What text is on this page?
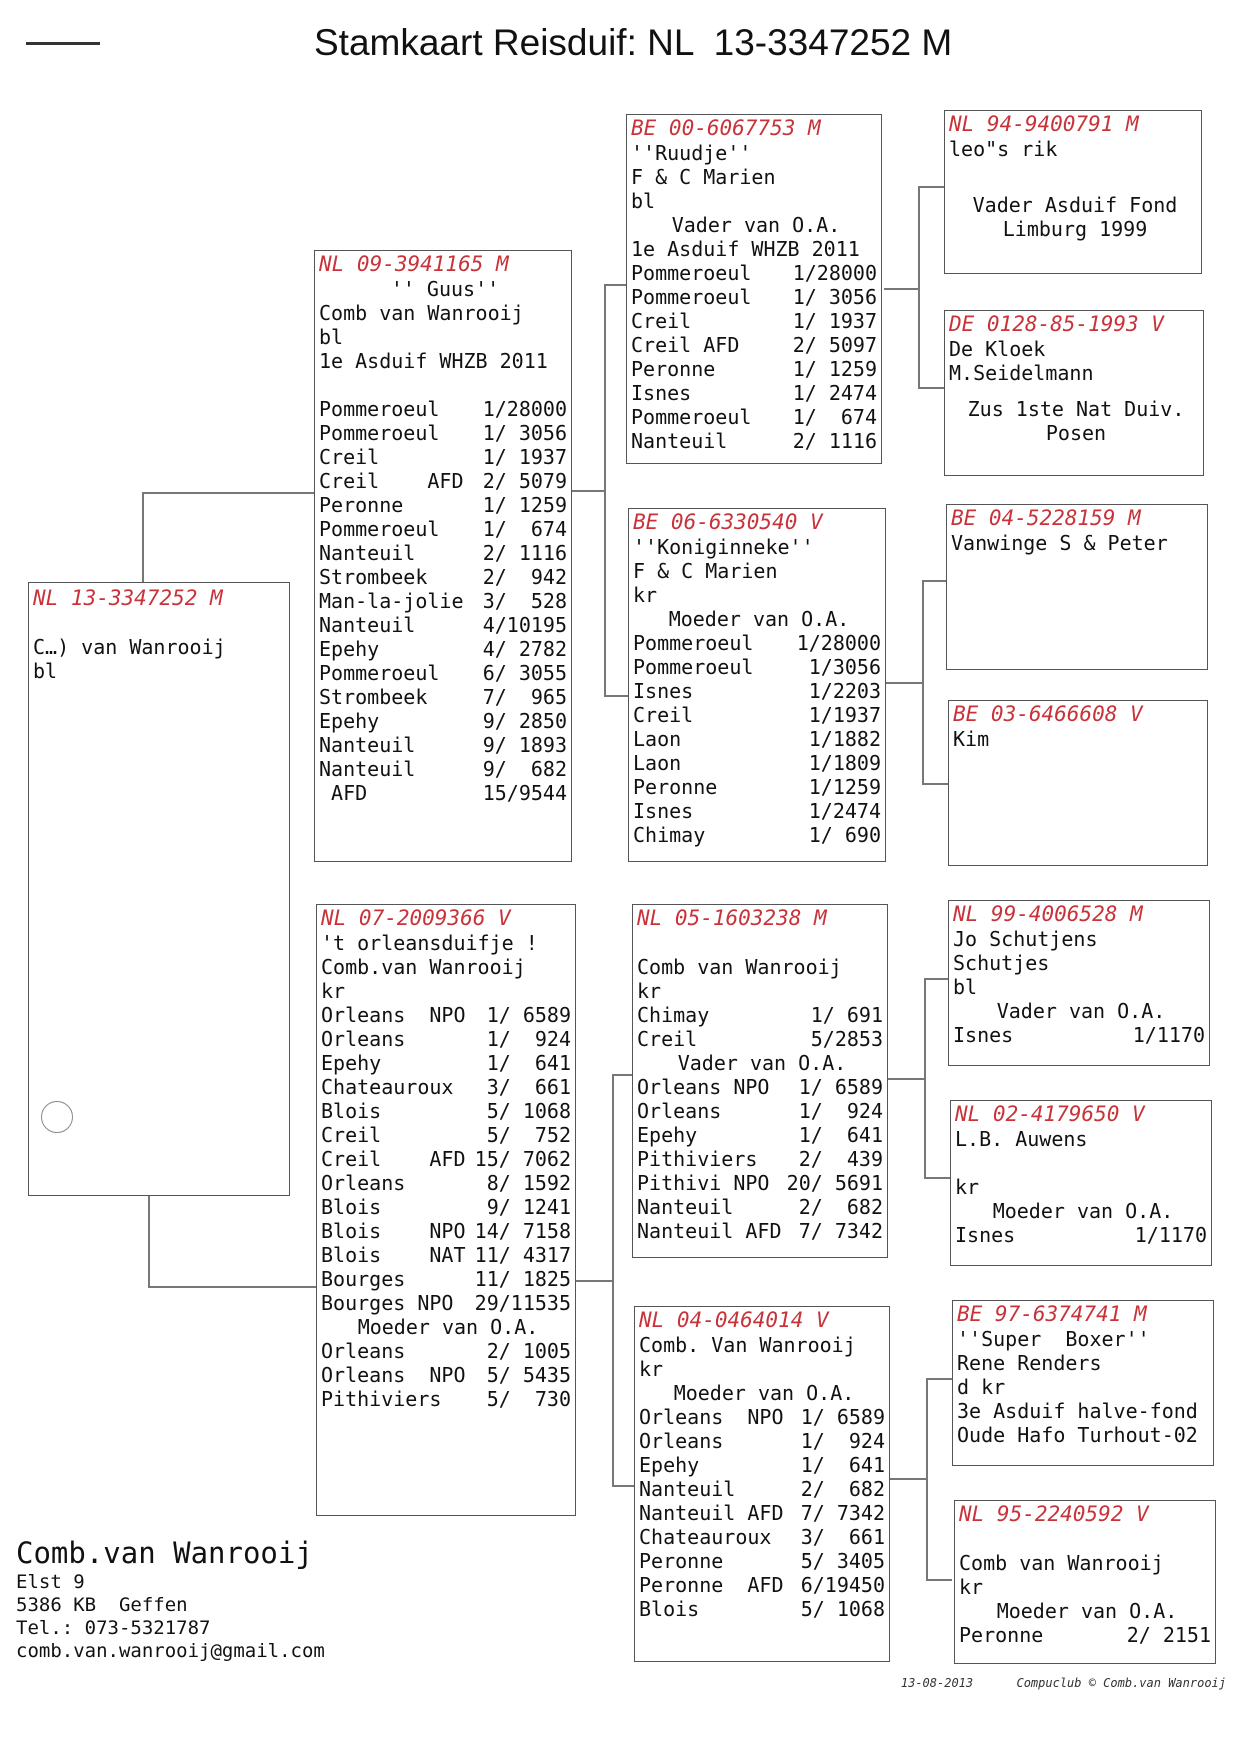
Stamkaart Reisduif: NL  13-3347252 M
NL 13-3347252 M
C…) van Wanrooij
bl
NL 09-3941165 M
'' Guus''
Comb van Wanrooij
bl
1e Asduif WHZB 2011
Pommeroeul 1/28000
Pommeroeul 1/ 3056
Creil	1/ 1937
Creil    AFD 2/ 5079
Peronne	1/ 1259
Pommeroeul 1/  674
Nanteuil	2/ 1116
Strombeek	2/  942
Man-la-jolie 3/  528
Nanteuil	4/10195
Epehy	4/ 2782
Pommeroeul 6/ 3055
Strombeek	7/  965
Epehy	9/ 2850
Nanteuil	9/ 1893
Nanteuil	9/  682
AFD	15/9544
NL 07-2009366 V
't orleansduifje !
Comb.van Wanrooij
kr
Orleans  NPO 1/ 6589
Orleans	1/  924
Epehy	1/  641
Chateauroux 3/  661
Blois	5/ 1068
Creil	5/  752
Creil    AFD 15/ 7062
Orleans	8/ 1592
Blois	9/ 1241
Blois    NPO 14/ 7158
Blois    NAT 11/ 4317
Bourges	11/ 1825
Bourges NPO 29/11535
Moeder van O.A.
Orleans	2/ 1005
Orleans  NPO 5/ 5435
Pithiviers 5/  730
BE 00-6067753 M
''Ruudje''
F & C Marien
bl
Vader van O.A.
1e Asduif WHZB 2011
Pommeroeul 1/28000
Pommeroeul 1/ 3056
Creil	1/ 1937
Creil AFD	2/ 5097
Peronne	1/ 1259
Isnes	1/ 2474
Pommeroeul 1/  674
Nanteuil	2/ 1116
BE 06-6330540 V
''Koniginneke''
F & C Marien
kr
Moeder van O.A.
Pommeroeul 1/28000
Pommeroeul	1/3056
Isnes	1/2203
Creil	1/1937
Laon	1/1882
Laon	1/1809
Peronne	1/1259
Isnes	1/2474
Chimay	1/ 690
NL 05-1603238 M
Comb van Wanrooij
kr
Chimay	1/ 691
Creil	5/2853
Vader van O.A.
Orleans NPO 1/ 6589
Orleans	1/  924
Epehy	1/  641
Pithiviers 2/  439
Pithivi NPO 20/ 5691
Nanteuil	2/  682
Nanteuil AFD 7/ 7342
NL 04-0464014 V
Comb. Van Wanrooij
kr
Moeder van O.A.
Orleans  NPO 1/ 6589
Orleans	1/  924
Epehy	1/  641
Nanteuil	2/  682
Nanteuil AFD 7/ 7342
Chateauroux 3/  661
Peronne	5/ 3405
Peronne  AFD 6/19450
Blois	5/ 1068
NL 94-9400791 M
leo"s rik
Vader Asduif Fond
Limburg 1999
DE 0128-85-1993 V
De Kloek
M.Seidelmann
Zus 1ste Nat Duiv.
Posen
BE 04-5228159 M
Vanwinge S & Peter
BE 03-6466608 V
Kim
NL 99-4006528 M
Jo Schutjens
Schutjes
bl
Vader van O.A.
Isnes	1/1170
NL 02-4179650 V
L.B. Auwens
kr
Moeder van O.A.
Isnes	1/1170
BE 97-6374741 M
''Super  Boxer''
Rene Renders
d kr
3e Asduif halve-fond
Oude Hafo Turhout-02
NL 95-2240592 V
Comb van Wanrooij
kr
Moeder van O.A.
Peronne	2/ 2151
Comb.van Wanrooij
Elst 9
5386 KB  Geffen
Tel.: 073-5321787
comb.van.wanrooij@gmail.com
13-08-2013	Compuclub © Comb.van Wanrooij
